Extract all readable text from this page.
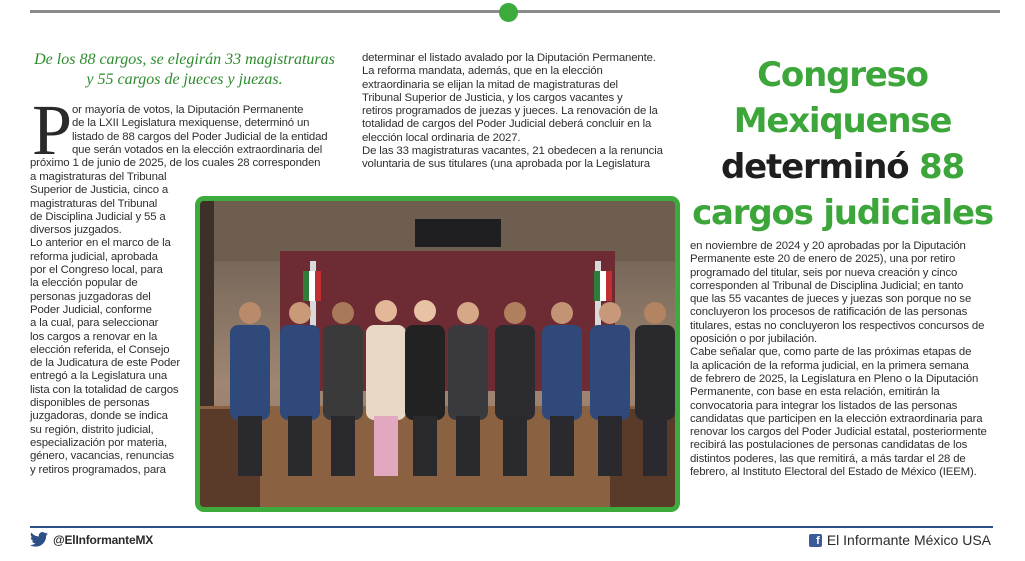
De los 88 cargos, se elegirán 33 magistraturas y 55 cargos de jueces y juezas.
P or mayoría de votos, la Diputación Permanente

de la LXII Legislatura mexiquense, determinó un

listado de 88 cargos del Poder Judicial de la entidad

que serán votados en la elección extraordinaria del

próximo 1 de junio de 2025, de los cuales 28 corresponden

a magistraturas del Tribunal

Superior de Justicia, cinco a

magistraturas del Tribunal

de Disciplina Judicial y 55 a

diversos juzgados.

Lo anterior en el marco de la

reforma judicial, aprobada

por el Congreso local, para

la elección popular de

personas juzgadoras del

Poder Judicial, conforme

a la cual, para seleccionar

los cargos a renovar en la

elección referida, el Consejo

de la Judicatura de este Poder

entregó a la Legislatura una

lista con la totalidad de cargos

disponibles de personas

juzgadoras, donde se indica

su región, distrito judicial,

especialización por materia,

género, vacancias, renuncias

y retiros programados, para

determinar el listado avalado por la Diputación Permanente.

La reforma mandata, además, que en la elección

extraordinaria se elijan la mitad de magistraturas del

Tribunal Superior de Justicia, y los cargos vacantes y

retiros programados de juezas y jueces. La renovación de la

totalidad de cargos del Poder Judicial deberá concluir en la

elección local ordinaria de 2027.

De las 33 magistraturas vacantes, 21 obedecen a la renuncia

voluntaria de sus titulares (una aprobada por la Legislatura

Congreso
Mexiquense
determinó 88
cargos judiciales

en noviembre de 2024 y 20 aprobadas por la Diputación

Permanente este 20 de enero de 2025), una por retiro

programado del titular, seis por nueva creación y cinco

corresponden al Tribunal de Disciplina Judicial; en tanto

que las 55 vacantes de jueces y juezas son porque no se

concluyeron los procesos de ratificación de las personas

titulares, estas no concluyeron los respectivos concursos de

oposición o por jubilación.

Cabe señalar que, como parte de las próximas etapas de

la aplicación de la reforma judicial, en la primera semana

de febrero de 2025, la Legislatura en Pleno o la Diputación

Permanente, con base en esta relación, emitirán la

convocatoria para integrar los listados de las personas

candidatas que participen en la elección extraordinaria para

renovar los cargos del Poder Judicial estatal, posteriormente

recibirá las postulaciones de personas candidatas de los

distintos poderes, las que remitirá, a más tardar el 28 de

febrero, al Instituto Electoral del Estado de México (IEEM).

@ElInformanteMX	f El Informante México USA
